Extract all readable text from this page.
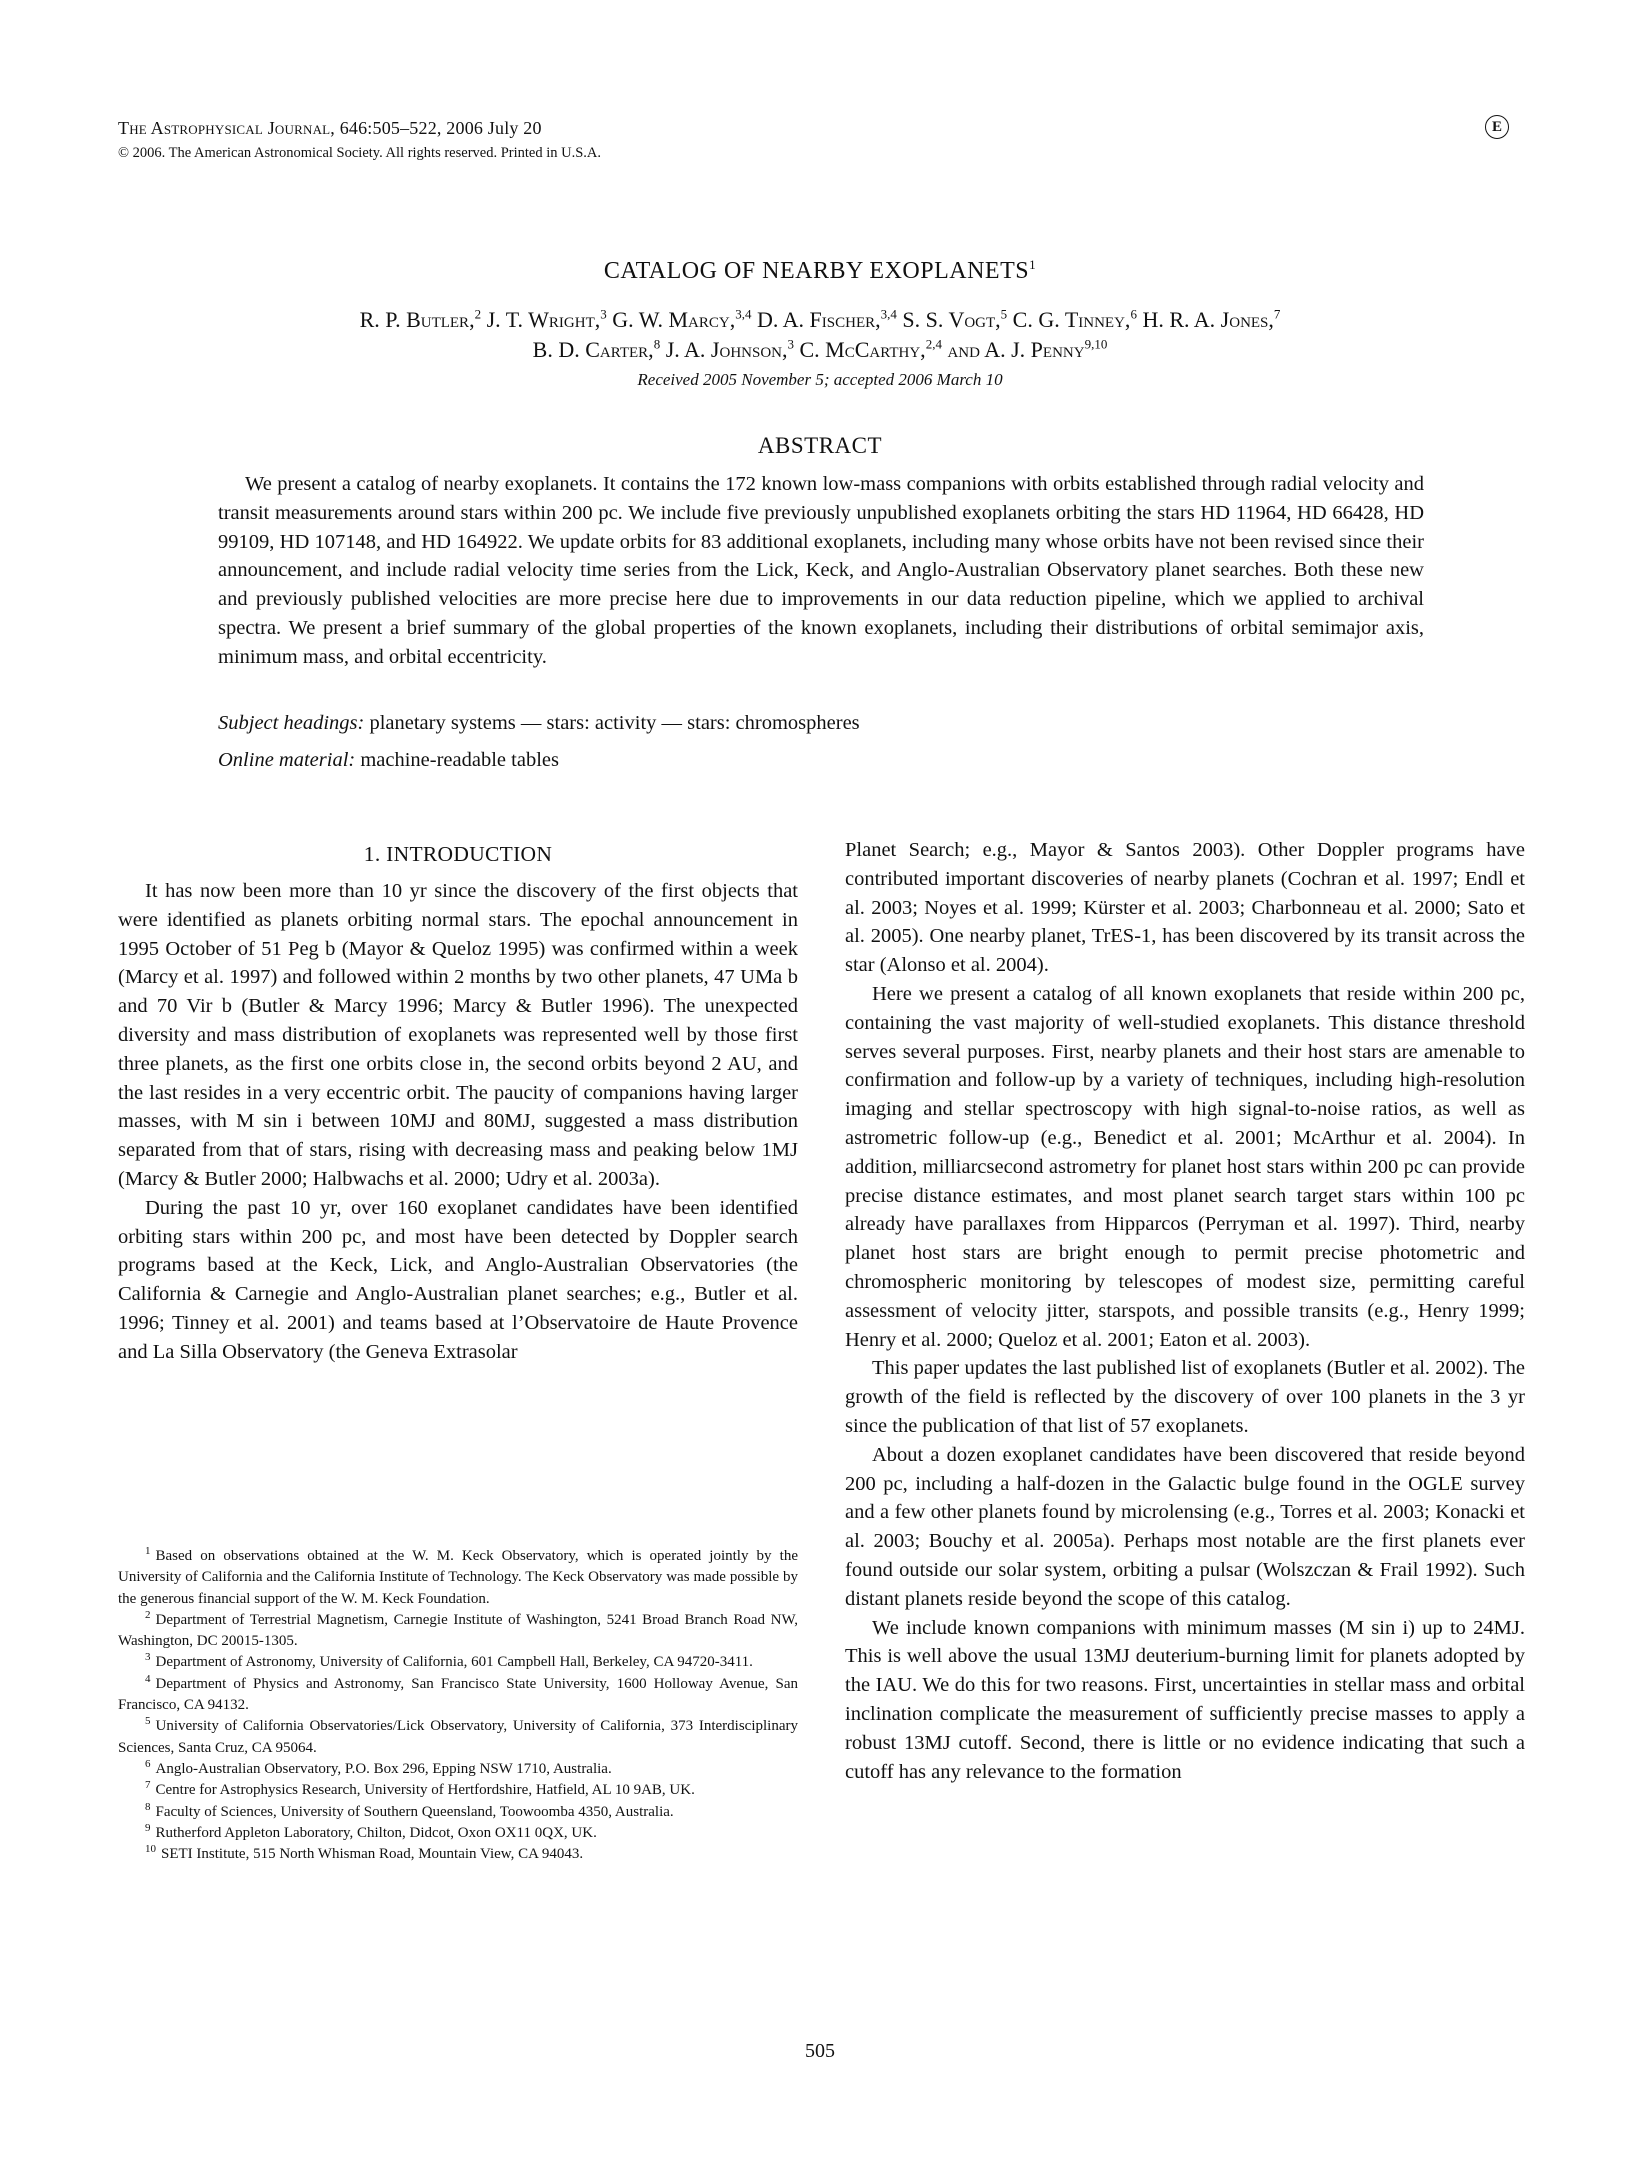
The Astrophysical Journal, 646:505–522, 2006 July 20
© 2006. The American Astronomical Society. All rights reserved. Printed in U.S.A.
E
CATALOG OF NEARBY EXOPLANETS$^1$
R. P. Butler,$^2$ J. T. Wright,$^3$ G. W. Marcy,$^{3,4}$ D. A. Fischer,$^{3,4}$ S. S. Vogt,$^5$ C. G. Tinney,$^6$ H. R. A. Jones,$^7$
B. D. Carter,$^8$ J. A. Johnson,$^3$ C. McCarthy,$^{2,4}$ and A. J. Penny$^{9,10}$
Received 2005 November 5; accepted 2006 March 10
ABSTRACT

We present a catalog of nearby exoplanets. It contains the 172 known low-mass companions with orbits established through radial velocity and transit measurements around stars within 200 pc. We include five previously unpublished exoplanets orbiting the stars HD 11964, HD 66428, HD 99109, HD 107148, and HD 164922. We update orbits for 83 additional exoplanets, including many whose orbits have not been revised since their announcement, and include radial velocity time series from the Lick, Keck, and Anglo-Australian Observatory planet searches. Both these new and previously published velocities are more precise here due to improvements in our data reduction pipeline, which we applied to archival spectra. We present a brief summary of the global properties of the known exoplanets, including their distributions of orbital semimajor axis, minimum mass, and orbital eccentricity.

Subject headings: planetary systems — stars: activity — stars: chromospheres
Online material: machine-readable tables
1. INTRODUCTION

It has now been more than 10 yr since the discovery of the first objects that were identified as planets orbiting normal stars. The epochal announcement in 1995 October of 51 Peg b (Mayor & Queloz 1995) was confirmed within a week (Marcy et al. 1997) and followed within 2 months by two other planets, 47 UMa b and 70 Vir b (Butler & Marcy 1996; Marcy & Butler 1996). The unexpected diversity and mass distribution of exoplanets was represented well by those first three planets, as the first one orbits close in, the second orbits beyond 2 AU, and the last resides in a very eccentric orbit. The paucity of companions having larger masses, with M sin i between 10MJ and 80MJ, suggested a mass distribution separated from that of stars, rising with decreasing mass and peaking below 1MJ (Marcy & Butler 2000; Halbwachs et al. 2000; Udry et al. 2003a).

During the past 10 yr, over 160 exoplanet candidates have been identified orbiting stars within 200 pc, and most have been detected by Doppler search programs based at the Keck, Lick, and Anglo-Australian Observatories (the California & Carnegie and Anglo-Australian planet searches; e.g., Butler et al. 1996; Tinney et al. 2001) and teams based at l’Observatoire de Haute Provence and La Silla Observatory (the Geneva Extrasolar

$^1$ Based on observations obtained at the W. M. Keck Observatory, which is operated jointly by the University of California and the California Institute of Technology. The Keck Observatory was made possible by the generous financial support of the W. M. Keck Foundation.

$^2$ Department of Terrestrial Magnetism, Carnegie Institute of Washington, 5241 Broad Branch Road NW, Washington, DC 20015-1305.

$^3$ Department of Astronomy, University of California, 601 Campbell Hall, Berkeley, CA 94720-3411.

$^4$ Department of Physics and Astronomy, San Francisco State University, 1600 Holloway Avenue, San Francisco, CA 94132.

$^5$ University of California Observatories/Lick Observatory, University of California, 373 Interdisciplinary Sciences, Santa Cruz, CA 95064.

$^6$ Anglo-Australian Observatory, P.O. Box 296, Epping NSW 1710, Australia.

$^7$ Centre for Astrophysics Research, University of Hertfordshire, Hatfield, AL 10 9AB, UK.

$^8$ Faculty of Sciences, University of Southern Queensland, Toowoomba 4350, Australia.

$^9$ Rutherford Appleton Laboratory, Chilton, Didcot, Oxon OX11 0QX, UK.

$^{10}$ SETI Institute, 515 North Whisman Road, Mountain View, CA 94043.

Planet Search; e.g., Mayor & Santos 2003). Other Doppler programs have contributed important discoveries of nearby planets (Cochran et al. 1997; Endl et al. 2003; Noyes et al. 1999; Kürster et al. 2003; Charbonneau et al. 2000; Sato et al. 2005). One nearby planet, TrES-1, has been discovered by its transit across the star (Alonso et al. 2004).

Here we present a catalog of all known exoplanets that reside within 200 pc, containing the vast majority of well-studied exoplanets. This distance threshold serves several purposes. First, nearby planets and their host stars are amenable to confirmation and follow-up by a variety of techniques, including high-resolution imaging and stellar spectroscopy with high signal-to-noise ratios, as well as astrometric follow-up (e.g., Benedict et al. 2001; McArthur et al. 2004). In addition, milliarcsecond astrometry for planet host stars within 200 pc can provide precise distance estimates, and most planet search target stars within 100 pc already have parallaxes from Hipparcos (Perryman et al. 1997). Third, nearby planet host stars are bright enough to permit precise photometric and chromospheric monitoring by telescopes of modest size, permitting careful assessment of velocity jitter, starspots, and possible transits (e.g., Henry 1999; Henry et al. 2000; Queloz et al. 2001; Eaton et al. 2003).

This paper updates the last published list of exoplanets (Butler et al. 2002). The growth of the field is reflected by the discovery of over 100 planets in the 3 yr since the publication of that list of 57 exoplanets.

About a dozen exoplanet candidates have been discovered that reside beyond 200 pc, including a half-dozen in the Galactic bulge found in the OGLE survey and a few other planets found by microlensing (e.g., Torres et al. 2003; Konacki et al. 2003; Bouchy et al. 2005a). Perhaps most notable are the first planets ever found outside our solar system, orbiting a pulsar (Wolszczan & Frail 1992). Such distant planets reside beyond the scope of this catalog.

We include known companions with minimum masses (M sin i) up to 24MJ. This is well above the usual 13MJ deuterium-burning limit for planets adopted by the IAU. We do this for two reasons. First, uncertainties in stellar mass and orbital inclination complicate the measurement of sufficiently precise masses to apply a robust 13MJ cutoff. Second, there is little or no evidence indicating that such a cutoff has any relevance to the formation

505
